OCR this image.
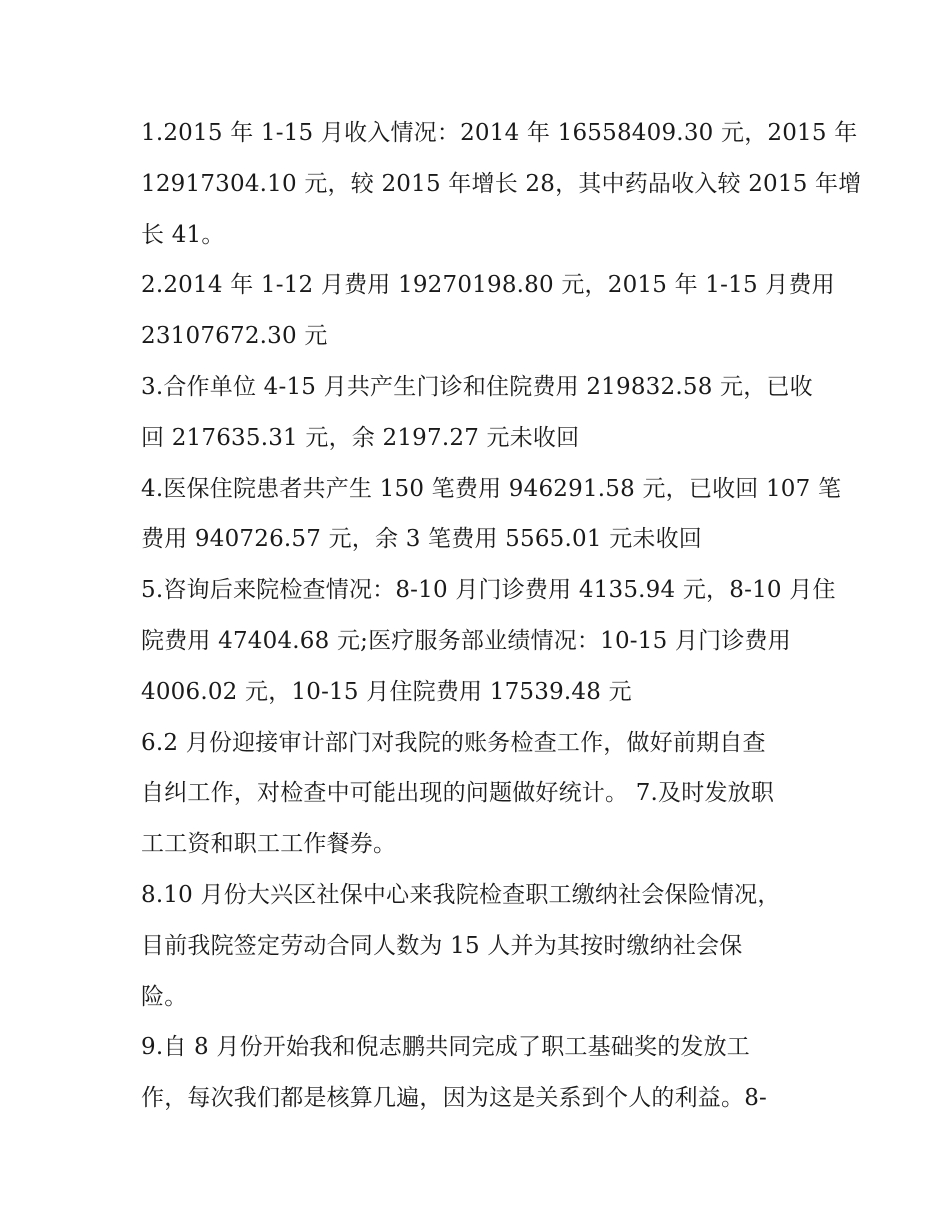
1.2015 年 1-15 月收入情况：2014 年 16558409.30 元，2015 年
12917304.10 元，较 2015 年增长 28，其中药品收入较 2015 年增
长 41。
2.2014 年 1-12 月费用 19270198.80 元，2015 年 1-15 月费用
23107672.30 元
3.合作单位 4-15 月共产生门诊和住院费用 219832.58 元，已收
回 217635.31 元，余 2197.27 元未收回
4.医保住院患者共产生 150 笔费用 946291.58 元，已收回 107 笔
费用 940726.57 元，余 3 笔费用 5565.01 元未收回
5.咨询后来院检查情况：8-10 月门诊费用 4135.94 元，8-10 月住
院费用 47404.68 元;医疗服务部业绩情况：10-15 月门诊费用
4006.02 元，10-15 月住院费用 17539.48 元
6.2 月份迎接审计部门对我院的账务检查工作，做好前期自查
自纠工作，对检查中可能出现的问题做好统计。 7.及时发放职
工工资和职工工作餐券。
8.10 月份大兴区社保中心来我院检查职工缴纳社会保险情况，
目前我院签定劳动合同人数为 15 人并为其按时缴纳社会保
险。
9.自 8 月份开始我和倪志鹏共同完成了职工基础奖的发放工
作，每次我们都是核算几遍，因为这是关系到个人的利益。8-
